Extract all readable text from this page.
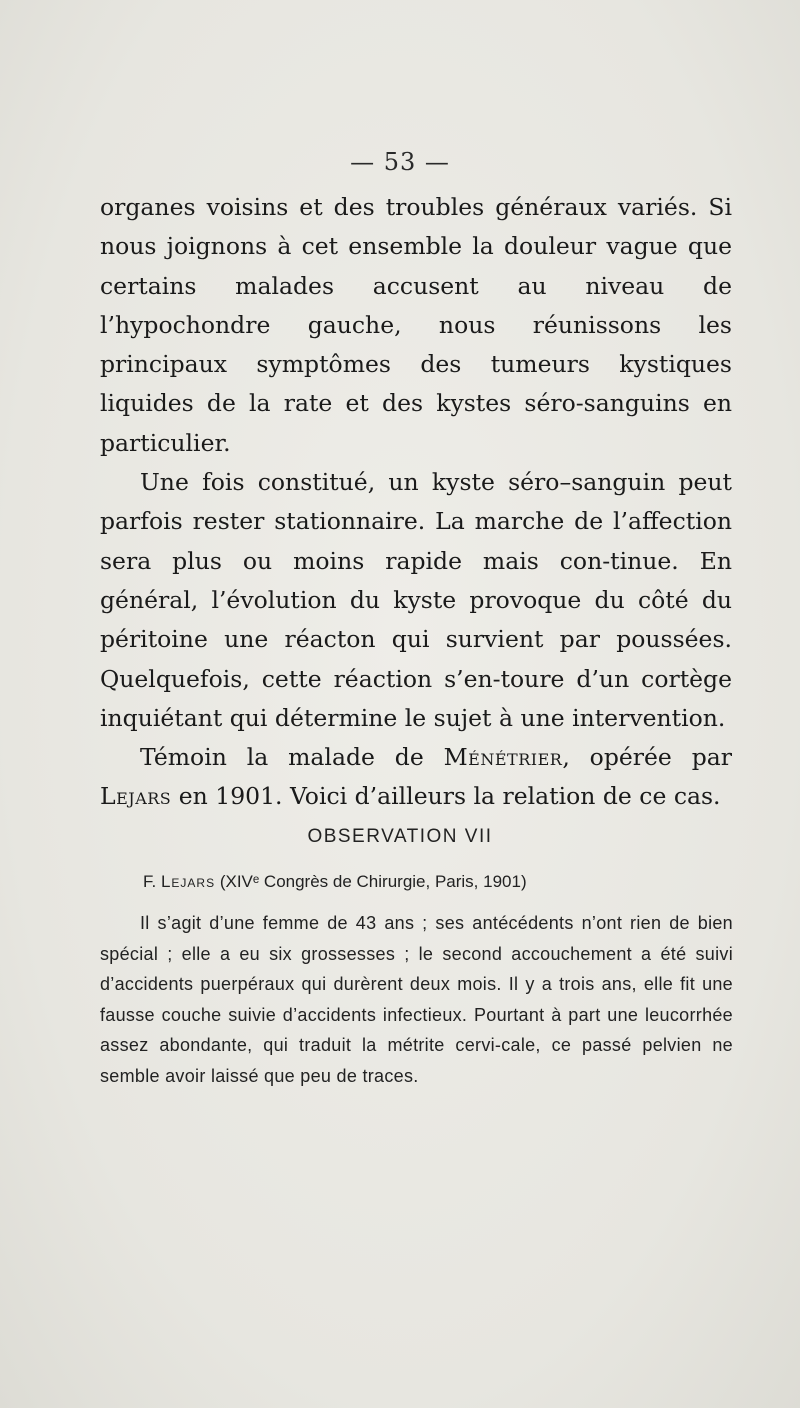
— 53 —

organes voisins et des troubles généraux variés. Si nous joignons à cet ensemble la douleur vague que certains malades accusent au niveau de l’hypochondre gauche, nous réunissons les principaux symptômes des tumeurs kystiques liquides de la rate et des kystes séro-sanguins en particulier.

Une fois constitué, un kyste séro–sanguin peut parfois rester stationnaire. La marche de l’affection sera plus ou moins rapide mais con-tinue. En général, l’évolution du kyste provoque du côté du péritoine une réacton qui survient par poussées. Quelquefois, cette réaction s’en-toure d’un cortège inquiétant qui détermine le sujet à une intervention.

Témoin la malade de Ménétrier, opérée par Lejars en 1901. Voici d’ailleurs la relation de ce cas.

OBSERVATION VII
F. Lejars (XIVᵉ Congrès de Chirurgie, Paris, 1901)

Il s’agit d’une femme de 43 ans ; ses antécédents n’ont rien de bien spécial ; elle a eu six grossesses ; le second accouchement a été suivi d’accidents puerpéraux qui durèrent deux mois. Il y a trois ans, elle fit une fausse couche suivie d’accidents infectieux. Pourtant à part une leucorrhée assez abondante, qui traduit la métrite cervi-cale, ce passé pelvien ne semble avoir laissé que peu de traces.
